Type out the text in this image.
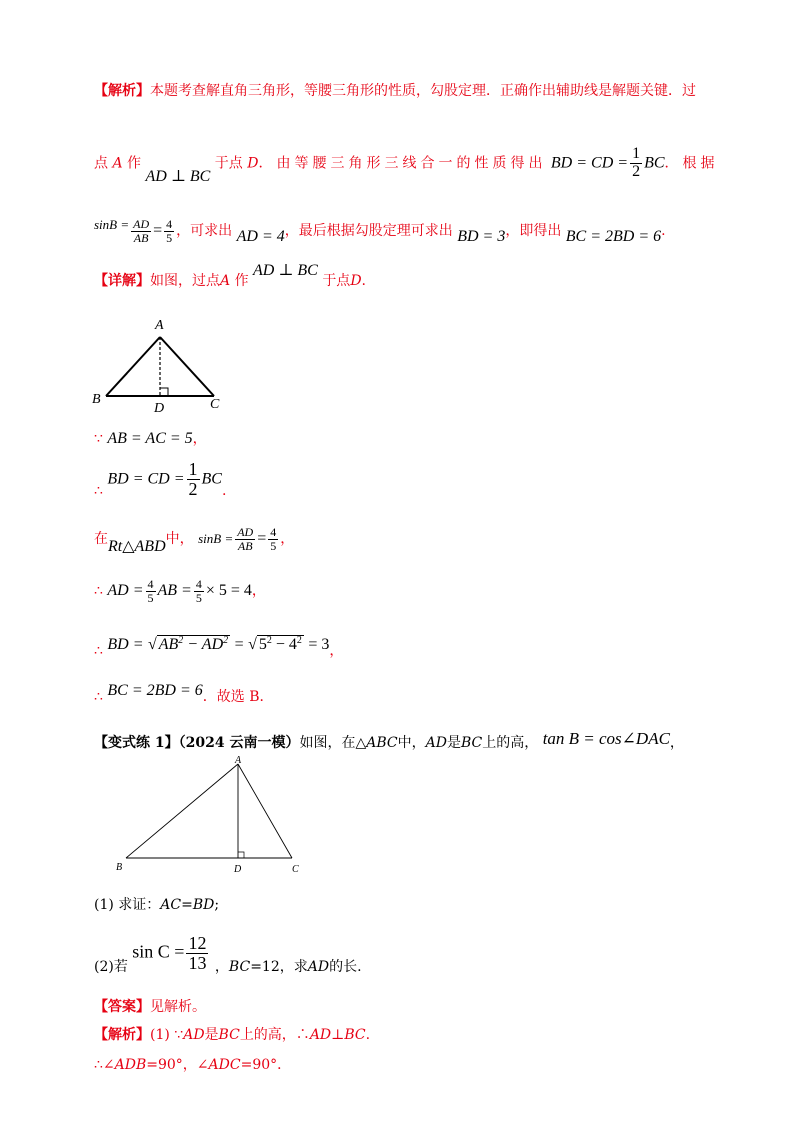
【解析】本题考查解直角三角形，等腰三角形的性质，勾股定理．正确作出辅助线是解题关键．过
点 A 作 AD ⊥ BC 于点 D．由等腰三角形三线合一的性质得出 BD = CD = $\frac{1}{2}$ BC．根据
$\sin B = \frac{AD}{AB} = \frac{4}{5}$ ，可求出 AD = 4，最后根据勾股定理可求出 BD = 3，即得出 BC = 2BD = 6.
【详解】如图，过点A 作 AD ⊥ BC 于点D.
A
B	C
D
∵ AB = AC = 5，
∴ BD = CD = $\frac{1}{2}$ BC.
在Rt△ABD中， $\sin B = \frac{AD}{AB} = \frac{4}{5}$ ，
∴ AD = $\frac{4}{5}$ AB = $\frac{4}{5} \times 5 = 4$，
∴ BD = √ $AB^2 - AD^2$ = √ $5^2 - 4^2 = 3$，
∴ BC = 2BD = 6．故选 B．
【变式练 1】（2024 云南一模）如图，在△ABC中，AD是BC上的高， tan B = cos∠DAC，
A
B	C
D
(1) 求证：AC=BD;
(2)若 $\sin C = \frac{12}{13}$ ，BC=12，求AD的长.
【答案】见解析。
【解析】(1) ∵AD是BC上的高，∴AD⊥BC.
∴∠ADB=90°，∠ADC=90°．
